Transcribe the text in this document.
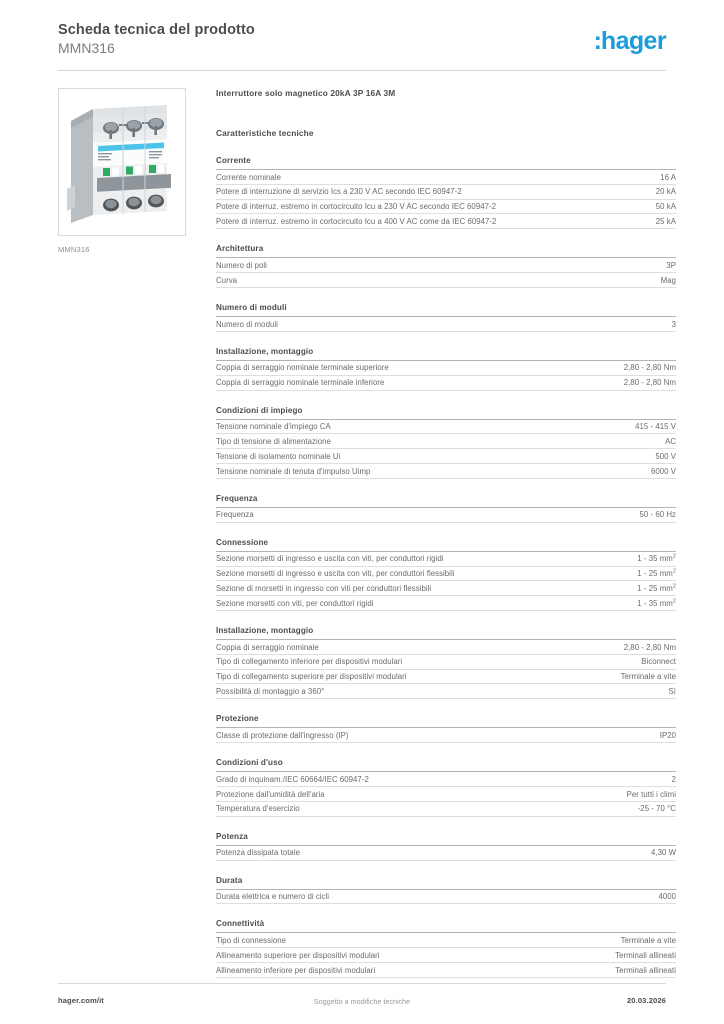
Scheda tecnica del prodotto
MMN316	:hager
MMN316
Interruttore solo magnetico 20kA 3P 16A 3M
Caratteristiche tecniche
Corrente
Corrente nominale	16 A
Potere di interruzione di servizio Ics a 230 V AC secondo IEC 60947-2	20 kA
Potere di interruz. estremo in cortocircuito Icu a 230 V AC secondo IEC 60947-2	50 kA
Potere di interruz. estremo in cortocircuito Icu a 400 V AC come da IEC 60947-2	25 kA
Architettura
Numero di poli	3P
Curva	Mag
Numero di moduli
Numero di moduli	3
Installazione, montaggio
Coppia di serraggio nominale terminale superiore	2,80 - 2,80 Nm
Coppia di serraggio nominale terminale inferiore	2,80 - 2,80 Nm
Condizioni di impiego
Tensione nominale d'impiego CA	415 - 415 V
Tipo di tensione di alimentazione	AC
Tensione di isolamento nominale Ui	500 V
Tensione nominale di tenuta d'impulso Uimp	6000 V
Frequenza
Frequenza	50 - 60 Hz
Connessione
Sezione morsetti di ingresso e uscita con viti, per conduttori rigidi	1 - 35 $mm^2$
Sezione morsetti di ingresso e uscita con viti, per conduttori flessibili	1 - 25 $mm^2$
Sezione di morsetti in ingresso con viti per conduttori flessibili	1 - 25 $mm^2$
Sezione morsetti con viti, per conduttori rigidi	1 - 35 $mm^2$
Installazione, montaggio
Coppia di serraggio nominale	2,80 - 2,80 Nm
Tipo di collegamento inferiore per dispositivi modulari	Biconnect
Tipo di collegamento superiore per dispositivi modulari	Terminale a vite
Possibilità di montaggio a 360°	Sì
Protezione
Classe di protezione dall'ingresso (IP)	IP20
Condizioni d'uso
Grado di inquinam./IEC 60664/IEC 60947-2	2
Protezione dall'umidità dell'aria	Per tutti i climi
Temperatura d'esercizio	-25 - 70 °C
Potenza
Potenza dissipata totale	4,30 W
Durata
Durata elettrica e numero di cicli	4000
Connettività
Tipo di connessione	Terminale a vite
Allineamento superiore per dispositivi modulari	Terminali allineati
Allineamento inferiore per dispositivi modulari	Terminali allineati
hager.com/it	Soggetto a modifiche tecniche	20.03.2026
